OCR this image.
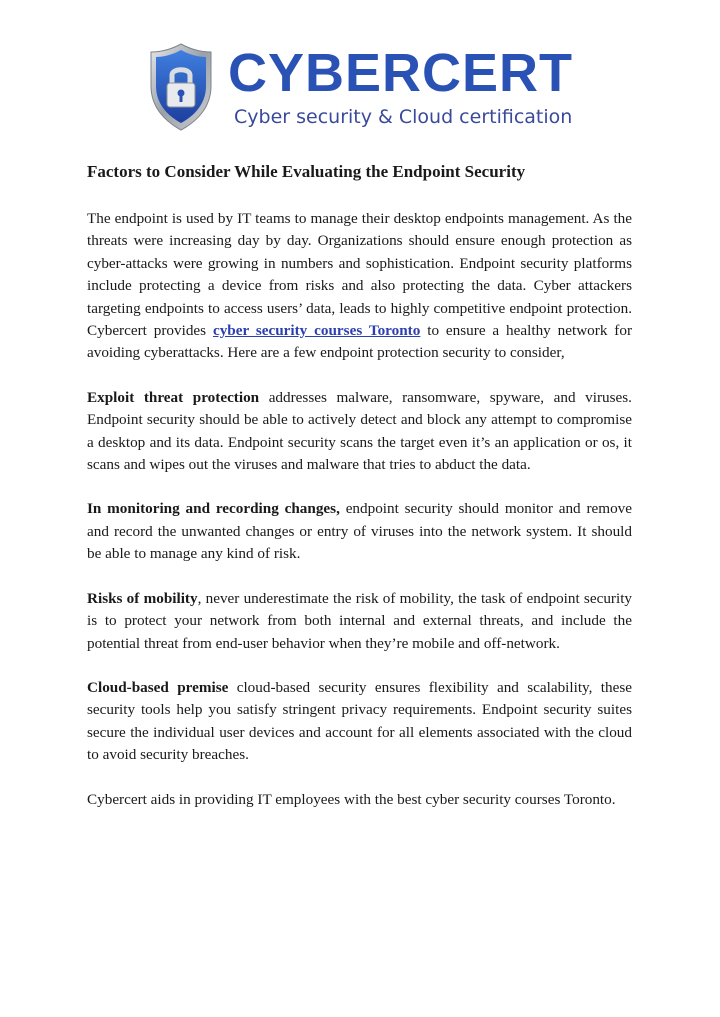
CYBERCERT
Cyber security & Cloud certification
Factors to Consider While Evaluating the Endpoint Security

The endpoint is used by IT teams to manage their desktop endpoints management. As the threats were increasing day by day. Organizations should ensure enough protection as cyber-attacks were growing in numbers and sophistication. Endpoint security platforms include protecting a device from risks and also protecting the data. Cyber attackers targeting endpoints to access users’ data, leads to highly competitive endpoint protection. Cybercert provides cyber security courses Toronto to ensure a healthy network for avoiding cyberattacks. Here are a few endpoint protection security to consider,

Exploit threat protection addresses malware, ransomware, spyware, and viruses. Endpoint security should be able to actively detect and block any attempt to compromise a desktop and its data. Endpoint security scans the target even it’s an application or os, it scans and wipes out the viruses and malware that tries to abduct the data.

In monitoring and recording changes, endpoint security should monitor and remove and record the unwanted changes or entry of viruses into the network system. It should be able to manage any kind of risk.

Risks of mobility, never underestimate the risk of mobility, the task of endpoint security is to protect your network from both internal and external threats, and include the potential threat from end-user behavior when they’re mobile and off-network.

Cloud-based premise cloud-based security ensures flexibility and scalability, these security tools help you satisfy stringent privacy requirements. Endpoint security suites secure the individual user devices and account for all elements associated with the cloud to avoid security breaches.

Cybercert aids in providing IT employees with the best cyber security courses Toronto.
